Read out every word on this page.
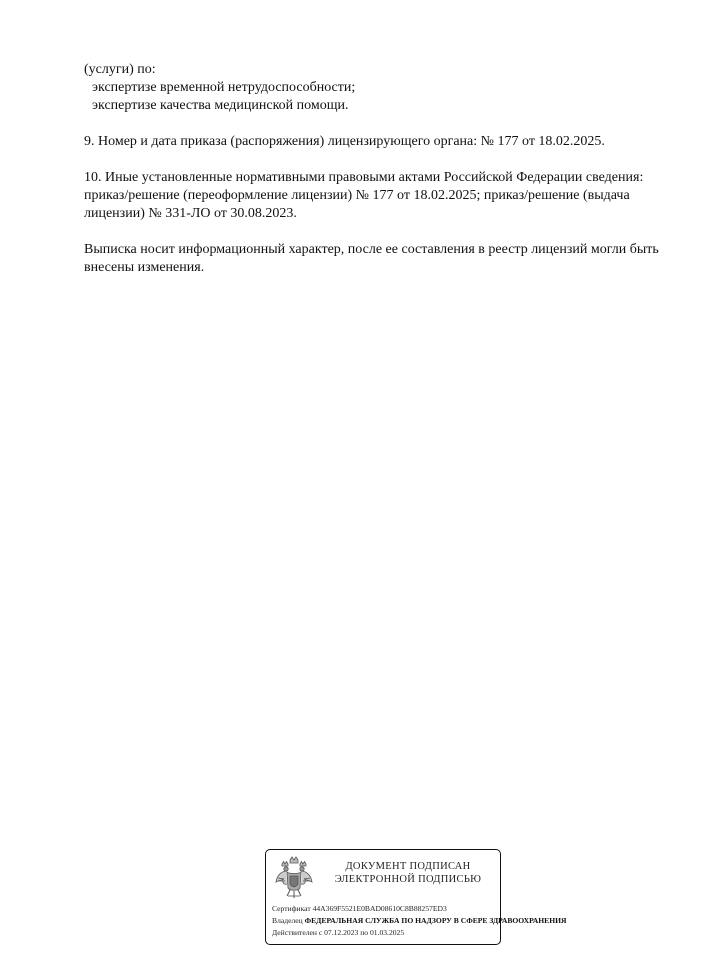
(услуги) по:

экспертизе временной нетрудоспособности;

экспертизе качества медицинской помощи.

9. Номер и дата приказа (распоряжения) лицензирующего органа: № 177 от 18.02.2025.

10. Иные установленные нормативными правовыми актами Российской Федерации сведения:

приказ/решение (переоформление лицензии) № 177 от 18.02.2025; приказ/решение (выдача

лицензии) № 331-ЛО от 30.08.2023.

Выписка носит информационный характер, после ее составления в реестр лицензий могли быть

внесены изменения.

ДОКУМЕНТ ПОДПИСАН
ЭЛЕКТРОННОЙ ПОДПИСЬЮ
Сертификат 44A369F5521E0BAD08610C8B88257ED3
Владелец ФЕДЕРАЛЬНАЯ СЛУЖБА ПО НАДЗОРУ В СФЕРЕ ЗДРАВООХРАНЕНИЯ
Действителен с 07.12.2023 по 01.03.2025
